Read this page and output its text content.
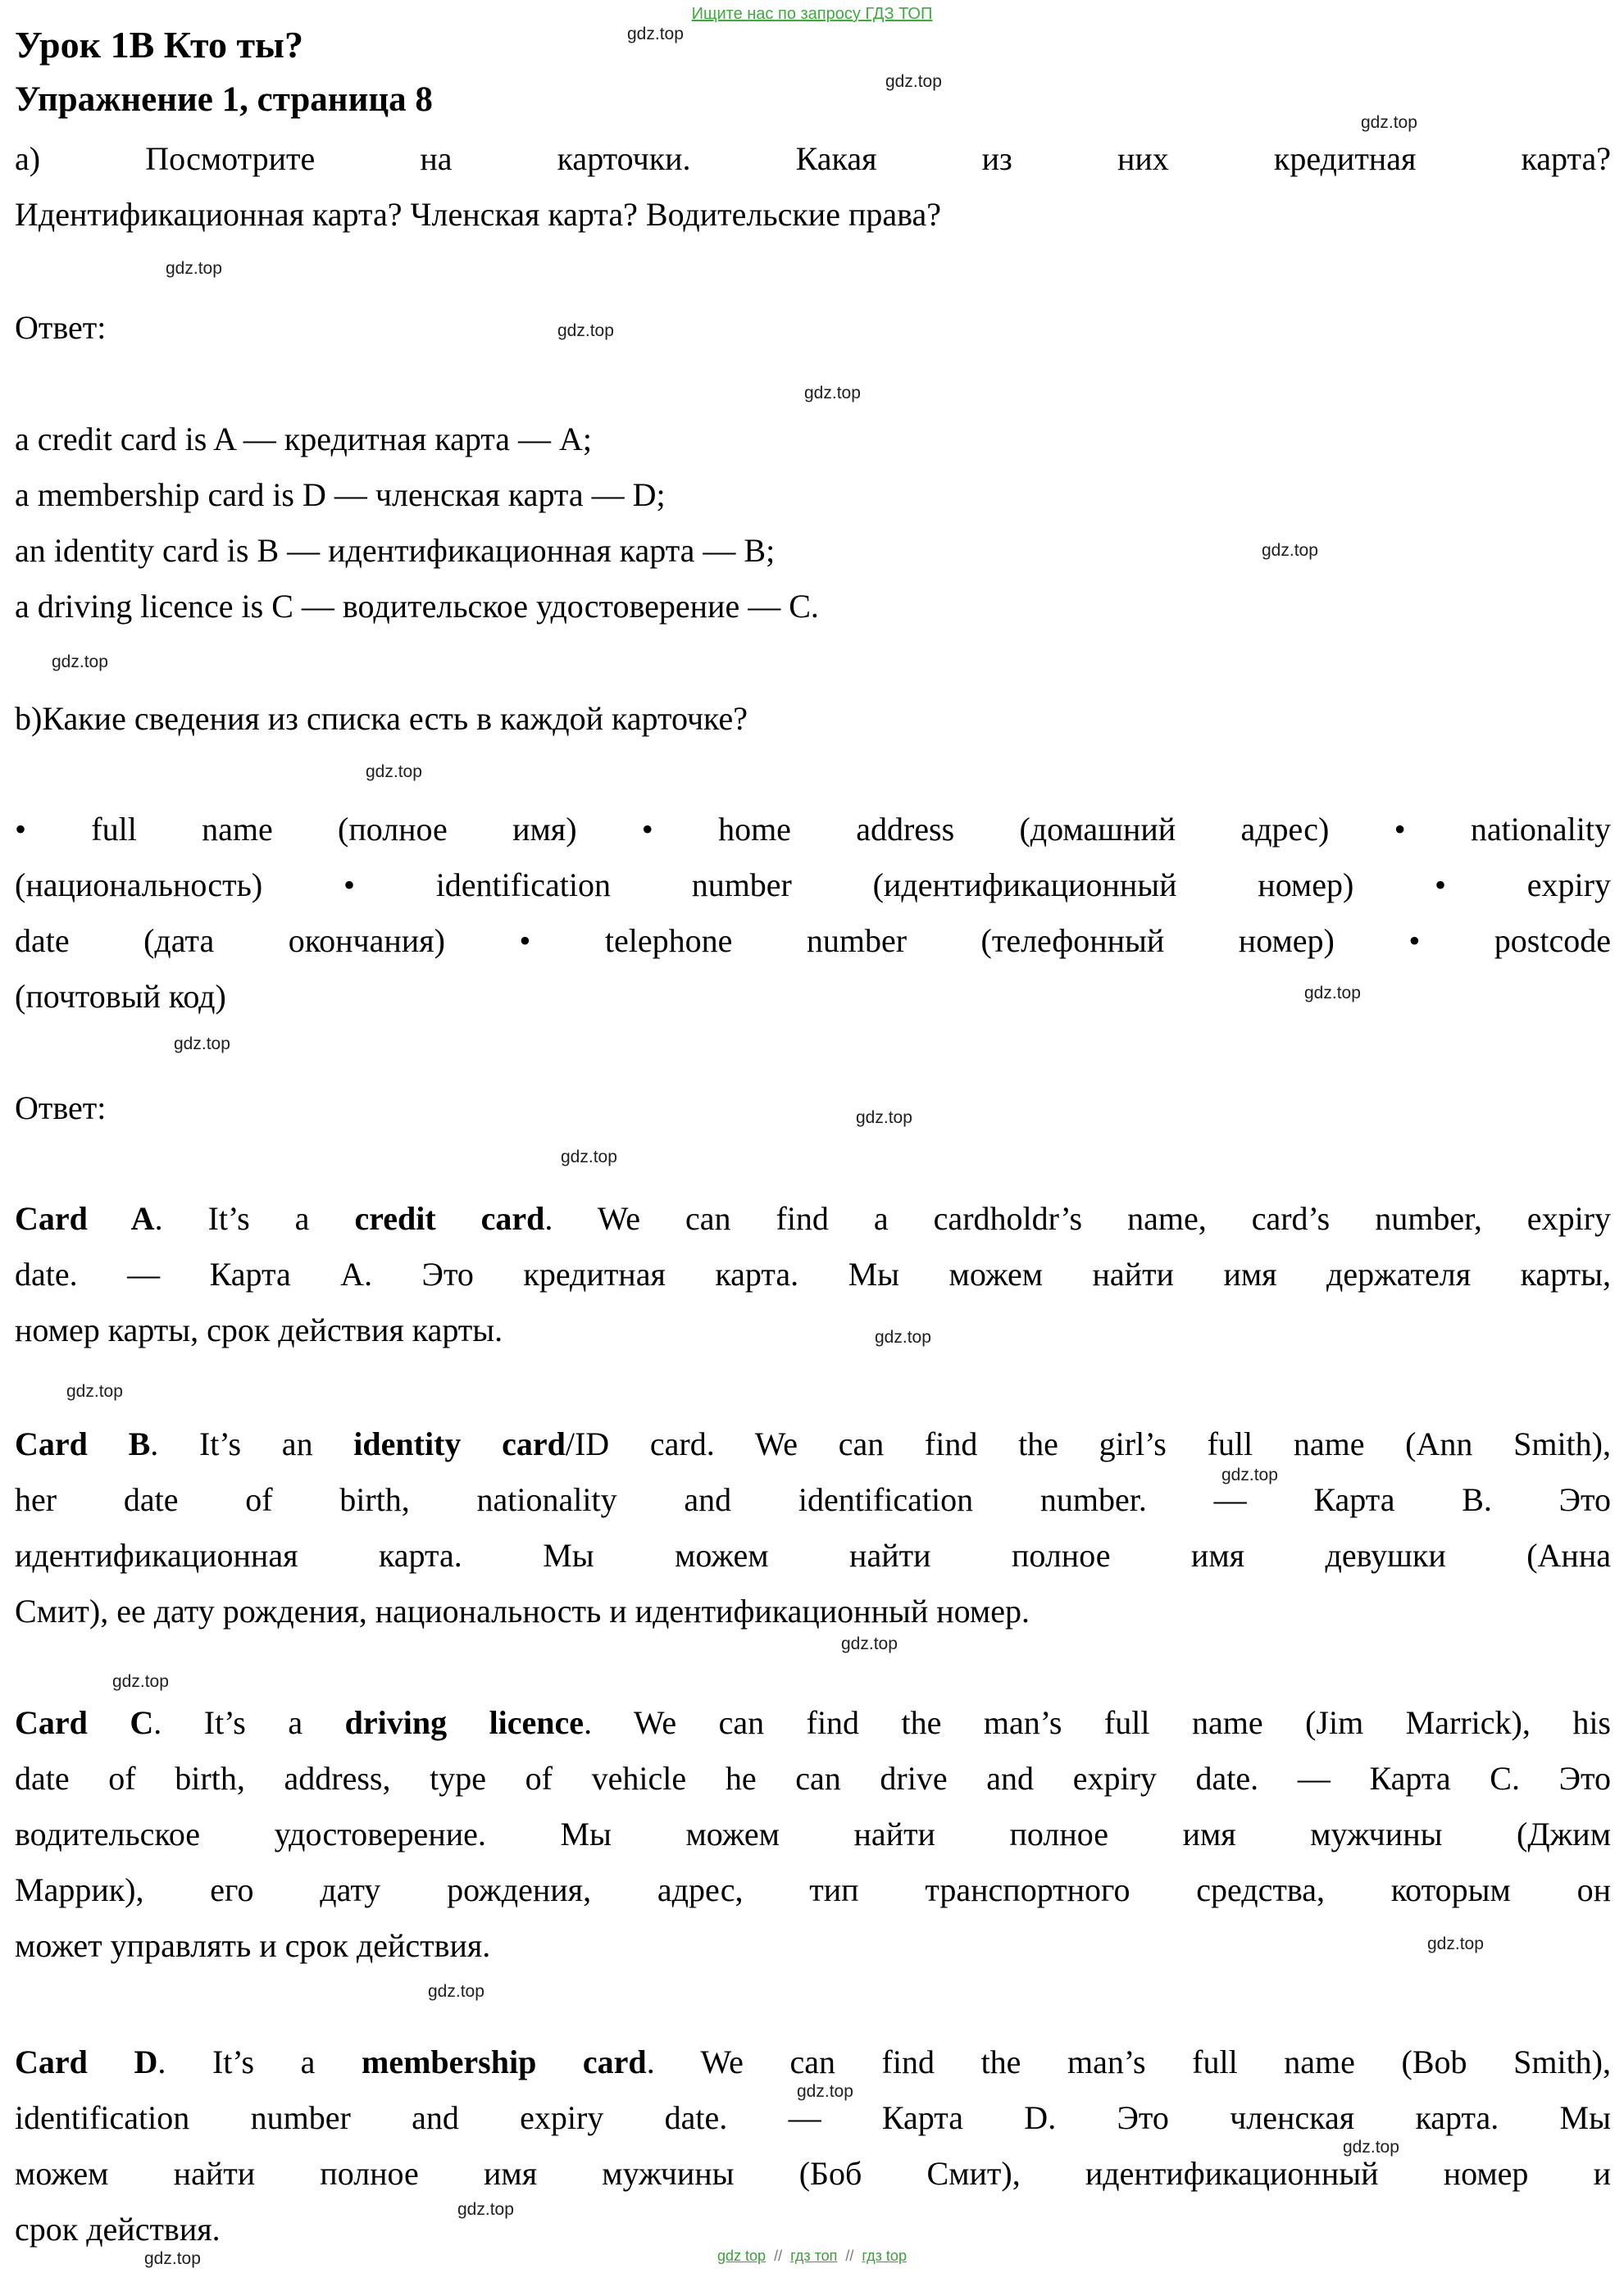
Ищите нас по запросу ГДЗ ТОП
Урок 1В Кто ты?
Упражнение 1, страница 8
a) Посмотрите на карточки. Какая из них кредитная карта?
Идентификационная карта? Членская карта? Водительские права?
Ответ:
a credit card is A — кредитная карта — A;
a membership card is D — членская карта — D;
an identity card is B — идентификационная карта — B;
a driving licence is C — водительское удостоверение — C.
b)Какие сведения из списка есть в каждой карточке?
• full name (полное имя) • home address (домашний адрес) • nationality
(национальность) • identification number (идентификационный номер) • expiry
date (дата окончания) • telephone number (телефонный номер) • postcode
(почтовый код)
Ответ:
Card A. It’s a credit card. We can find a cardholdr’s name, card’s number, expiry
date. — Карта A. Это кредитная карта. Мы можем найти имя держателя карты,
номер карты, срок действия карты.
Card B. It’s an identity card/ID card. We can find the girl’s full name (Ann Smith),
her date of birth, nationality and identification number. — Карта B. Это
идентификационная карта. Мы можем найти полное имя девушки (Анна
Смит), ее дату рождения, национальность и идентификационный номер.
Card C. It’s a driving licence. We can find the man’s full name (Jim Marrick), his
date of birth, address, type of vehicle he can drive and expiry date. — Карта C. Это
водительское удостоверение. Мы можем найти полное имя мужчины (Джим
Маррик), его дату рождения, адрес, тип транспортного средства, которым он
может управлять и срок действия.
Card D. It’s a membership card. We can find the man’s full name (Bob Smith),
identification number and expiry date. — Карта D. Это членская карта. Мы
можем найти полное имя мужчины (Боб Смит), идентификационный номер и
срок действия.
gdz.top
gdz.top
gdz.top
gdz.top
gdz.top
gdz.top
gdz.top
gdz.top
gdz.top
gdz.top
gdz.top
gdz.top
gdz.top
gdz.top
gdz.top
gdz.top
gdz.top
gdz.top
gdz.top
gdz.top
gdz.top
gdz.top
gdz.top
gdz.top	gdz top // гдз топ // гдз top
